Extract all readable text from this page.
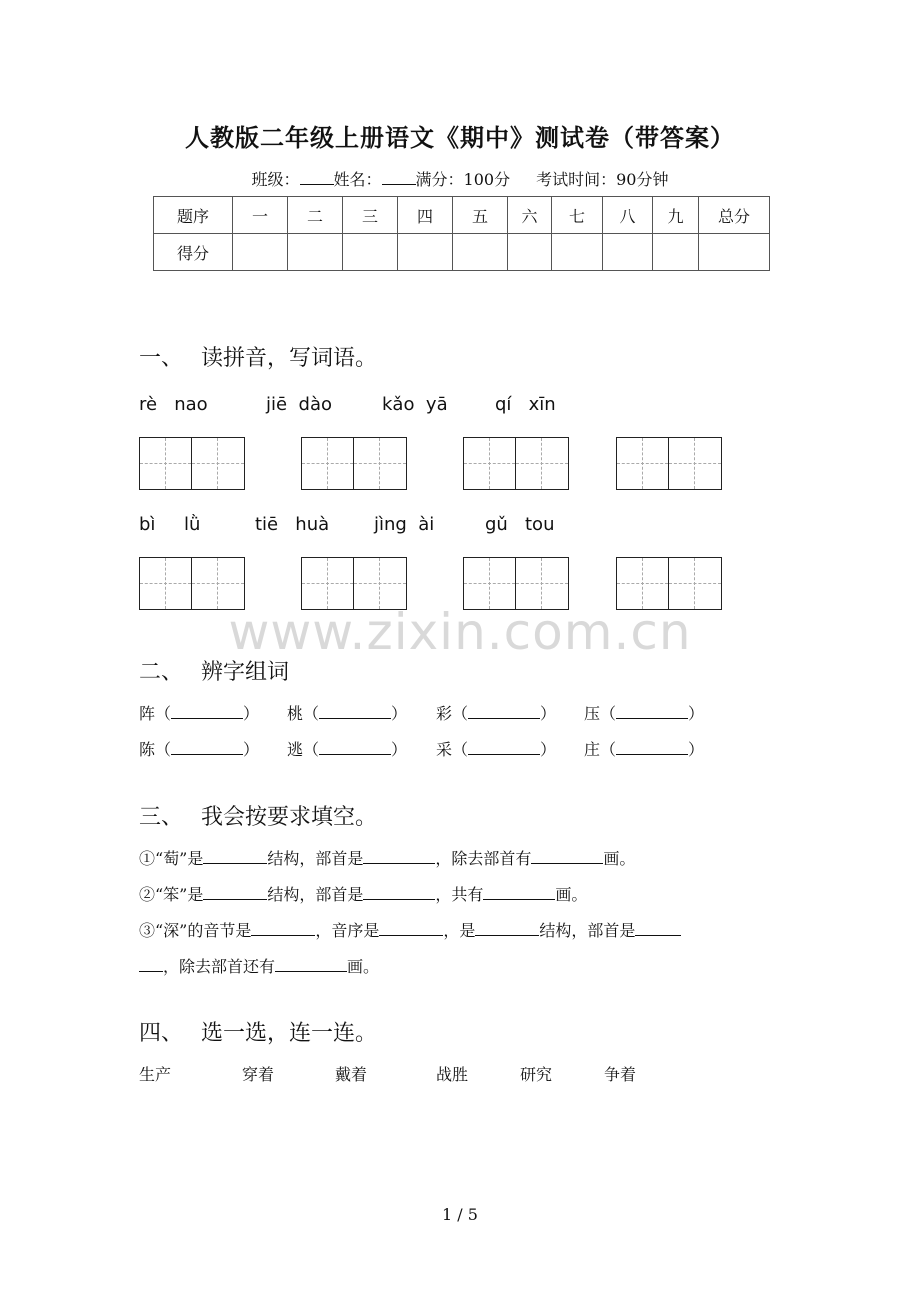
人教版二年级上册语文《期中》测试卷（带答案）
班级： 姓名： 满分：100分 考试时间：90分钟
题序	一	二	三	四	五	六	七	八	九	总分
得分										
一、 读拼音，写词语。
rè   nao	jiē  dào	kǎo  yā	qí   xīn
bì     lǜ	tiē   huà jìng  ài	gǔ   tou
www.zixin.com.cn
二、 辨字组词
阵（	） 桃（	） 彩（	） 压（	）
陈（	） 逃（	） 采（	） 庄（	）
三、 我会按要求填空。
①“萄”是	结构，部首是	，除去部首有	画。
②“笨”是	结构，部首是	，共有	画。
③“深”的音节是	，音序是	，是	结构，部首是
，除去部首还有	画。
四、 选一选，连一连。
生产	穿着	戴着	战胜	研究	争着
1 / 5
